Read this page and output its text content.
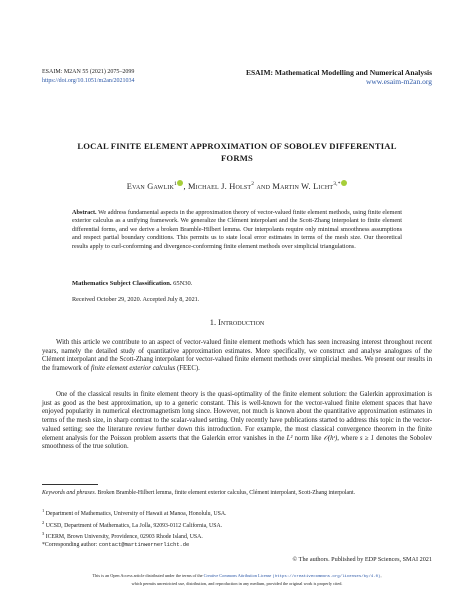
ESAIM: M2AN 55 (2021) 2075–2099
https://doi.org/10.1051/m2an/2021034
ESAIM: Mathematical Modelling and Numerical Analysis
www.esaim-m2an.org
LOCAL FINITE ELEMENT APPROXIMATION OF SOBOLEV DIFFERENTIAL
FORMS
Evan Gawlik$^1$ , Michael J. Holst$^2$ and Martin W. Licht$^{3,*}$
Abstract. We address fundamental aspects in the approximation theory of vector-valued finite element methods, using finite element exterior calculus as a unifying framework. We generalize the Clément interpolant and the Scott-Zhang interpolant to finite element differential forms, and we derive a broken Bramble-Hilbert lemma. Our interpolants require only minimal smoothness assumptions and respect partial boundary conditions. This permits us to state local error estimates in terms of the mesh size. Our theoretical results apply to curl-conforming and divergence-conforming finite element methods over simplicial triangulations.
Mathematics Subject Classification. 65N30.
Received October 29, 2020. Accepted July 8, 2021.
1. Introduction
With this article we contribute to an aspect of vector-valued finite element methods which has seen increasing interest throughout recent years, namely the detailed study of quantitative approximation estimates. More specifically, we construct and analyse analogues of the Clément interpolant and the Scott-Zhang interpolant for vector-valued finite element methods over simplicial meshes. We present our results in the framework of finite element exterior calculus (FEEC).
One of the classical results in finite element theory is the quasi-optimality of the finite element solution: the Galerkin approximation is just as good as the best approximation, up to a generic constant. This is well-known for the vector-valued finite element spaces that have enjoyed popularity in numerical electromagnetism long since. However, not much is known about the quantitative approximation estimates in terms of the mesh size, in sharp contrast to the scalar-valued setting. Only recently have publications started to address this topic in the vector-valued setting; see the literature review further down this introduction. For example, the most classical convergence theorem in the finite element analysis for the Poisson problem asserts that the Galerkin error vanishes in the L² norm like 𝒪(hˢ), where s ≥ 1 denotes the Sobolev smoothness of the true solution.
Keywords and phrases. Broken Bramble-Hilbert lemma, finite element exterior calculus, Clément interpolant, Scott-Zhang interpolant.
$^1$ Department of Mathematics, University of Hawaii at Manoa, Honolulu, USA.
$^2$ UCSD, Department of Mathematics, La Jolla, 92093-0112 California, USA.
$^3$ ICERM, Brown University, Providence, 02903 Rhode Island, USA.
*Corresponding author: contact@martinwernerlicht.de
© The authors. Published by EDP Sciences, SMAI 2021
This is an Open Access article distributed under the terms of the Creative Commons Attribution License (https://creativecommons.org/licenses/by/4.0),
which permits unrestricted use, distribution, and reproduction in any medium, provided the original work is properly cited.
